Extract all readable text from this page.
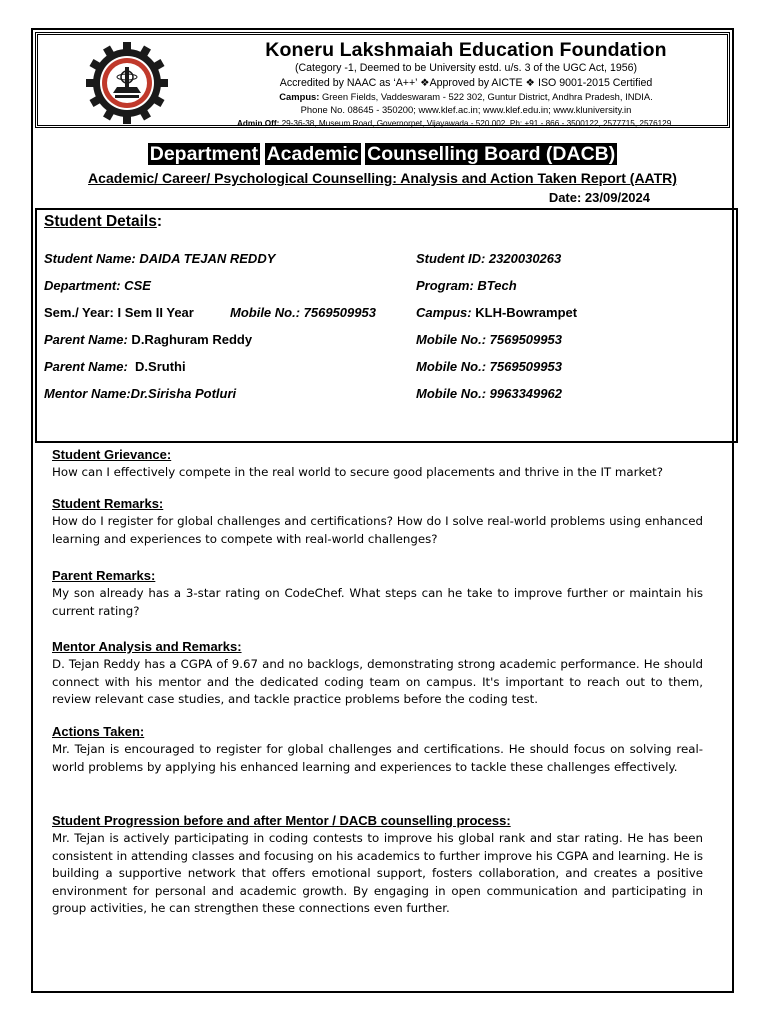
Koneru Lakshmaiah Education Foundation
(Category -1, Deemed to be University estd. u/s. 3 of the UGC Act, 1956)
Accredited by NAAC as ‘A++’ ❖Approved by AICTE ❖ ISO 9001-2015 Certified
Campus: Green Fields, Vaddeswaram - 522 302, Guntur District, Andhra Pradesh, INDIA.
Phone No. 08645 - 350200; www.klef.ac.in; www.klef.edu.in; www.kluniversity.in
Admin Off: 29-36-38, Museum Road, Governorpet, Vijayawada - 520 002. Ph: +91 - 866 - 3500122, 2577715, 2576129.
Department Academic Counselling Board (DACB)
Academic/ Career/ Psychological Counselling: Analysis and Action Taken Report (AATR)
Date: 23/09/2024
Student Details:
Student Name: DAIDA TEJAN REDDY	Student ID: 2320030263
Department: CSE	Program: BTech
Sem./ Year: I Sem II Year	Mobile No.: 7569509953	Campus: KLH-Bowrampet
Parent Name: D.Raghuram Reddy	Mobile No.: 7569509953
Parent Name:  D.Sruthi	Mobile No.: 7569509953
Mentor Name:Dr.Sirisha Potluri	Mobile No.: 9963349962
Student Grievance:

How can I effectively compete in the real world to secure good placements and thrive in the IT market?

Student Remarks:

How do I register for global challenges and certifications? How do I solve real-world problems using enhanced learning and experiences to compete with real-world challenges?

Parent Remarks:

My son already has a 3-star rating on CodeChef. What steps can he take to improve further or maintain his current rating?

Mentor Analysis and Remarks:

D. Tejan Reddy has a CGPA of 9.67 and no backlogs, demonstrating strong academic performance. He should connect with his mentor and the dedicated coding team on campus. It's important to reach out to them, review relevant case studies, and tackle practice problems before the coding test.

Actions Taken:

Mr. Tejan is encouraged to register for global challenges and certifications. He should focus on solving real-world problems by applying his enhanced learning and experiences to tackle these challenges effectively.

Student Progression before and after Mentor / DACB counselling process:

Mr. Tejan is actively participating in coding contests to improve his global rank and star rating. He has been consistent in attending classes and focusing on his academics to further improve his CGPA and learning. He is building a supportive network that offers emotional support, fosters collaboration, and creates a positive environment for personal and academic growth. By engaging in open communication and participating in group activities, he can strengthen these connections even further.
